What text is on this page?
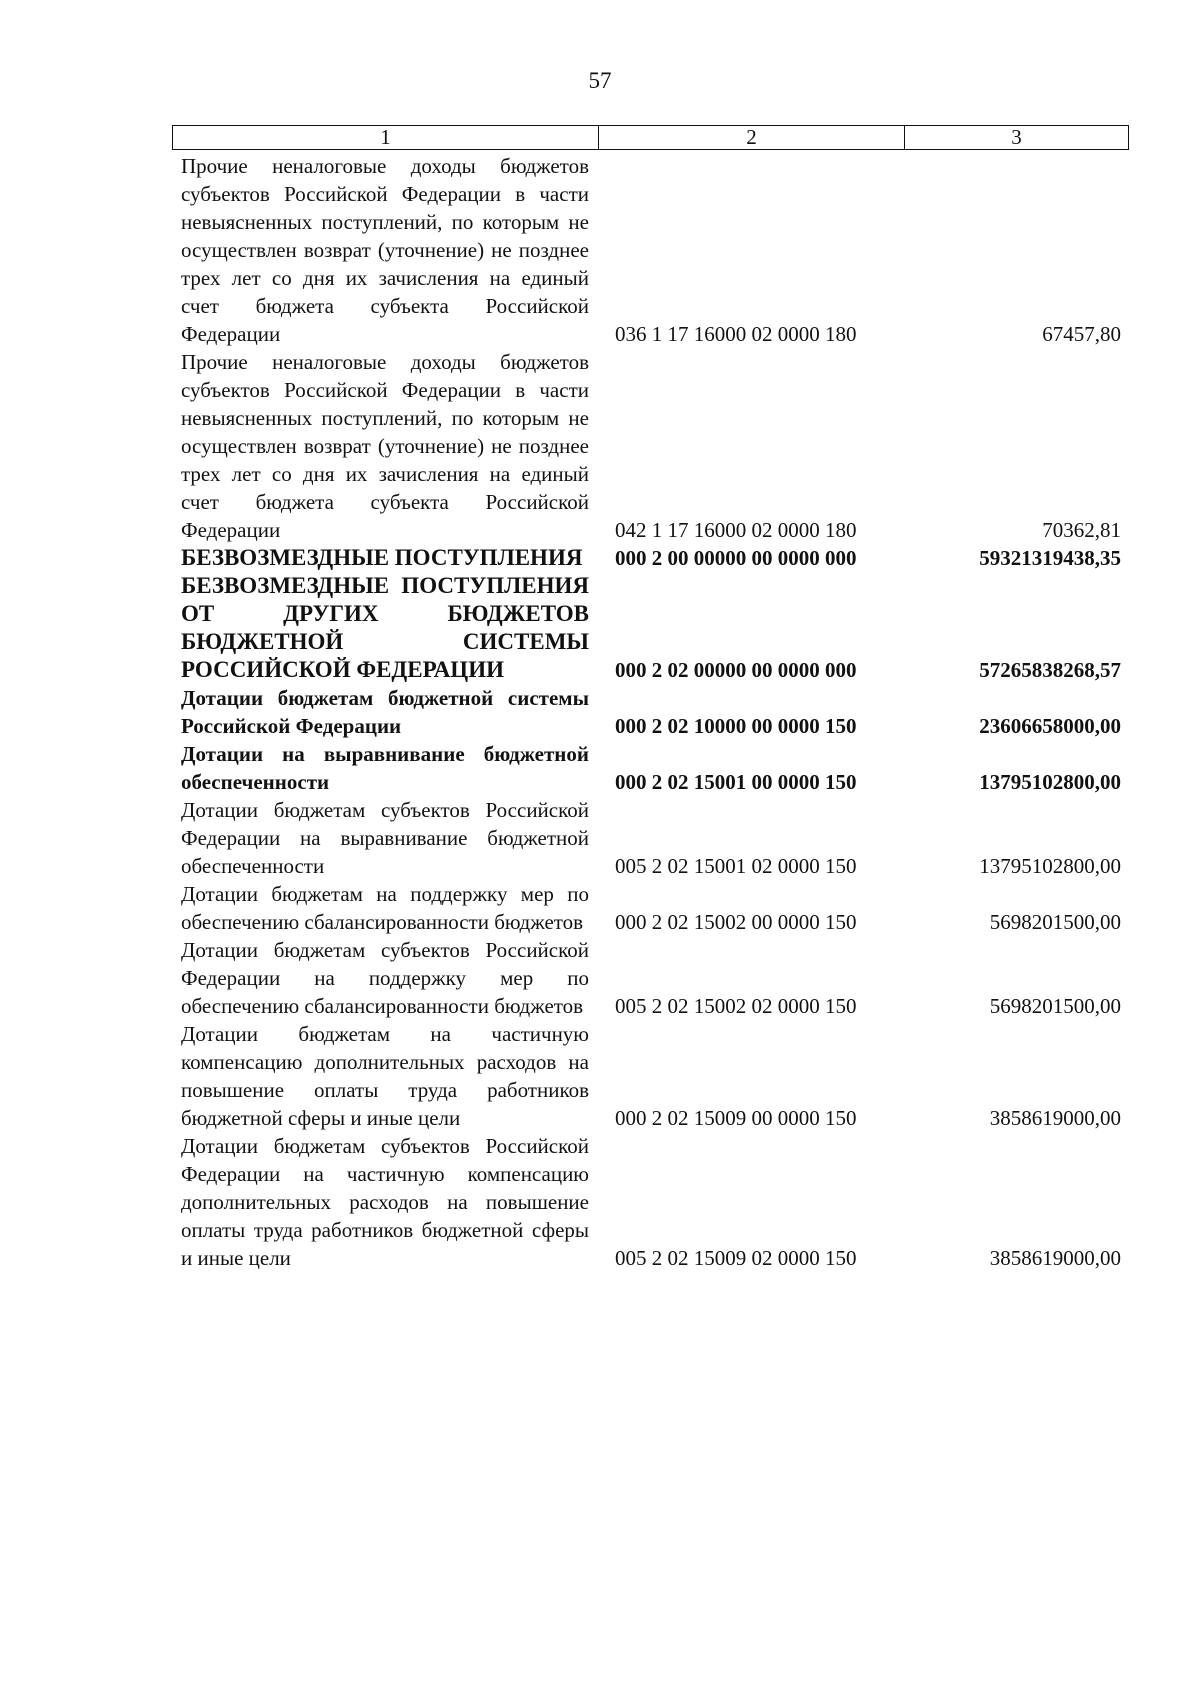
57
1	2	3
Прочие неналоговые доходы бюджетов субъектов Российской Федерации в части невыясненных поступлений, по которым не осуществлен возврат (уточнение) не позднее трех лет со дня их зачисления на единый счет бюджета субъекта Российской Федерации	036 1 17 16000 02 0000 180	67457,80
Прочие неналоговые доходы бюджетов субъектов Российской Федерации в части невыясненных поступлений, по которым не осуществлен возврат (уточнение) не позднее трех лет со дня их зачисления на единый счет бюджета субъекта Российской Федерации	042 1 17 16000 02 0000 180	70362,81
БЕЗВОЗМЕЗДНЫЕ ПОСТУПЛЕНИЯ	000 2 00 00000 00 0000 000	59321319438,35
БЕЗВОЗМЕЗДНЫЕ ПОСТУПЛЕНИЯ ОТ ДРУГИХ БЮДЖЕТОВ БЮДЖЕТНОЙ СИСТЕМЫ РОССИЙСКОЙ ФЕДЕРАЦИИ	000 2 02 00000 00 0000 000	57265838268,57
Дотации бюджетам бюджетной системы Российской Федерации	000 2 02 10000 00 0000 150	23606658000,00
Дотации на выравнивание бюджетной обеспеченности	000 2 02 15001 00 0000 150	13795102800,00
Дотации бюджетам субъектов Российской Федерации на выравнивание бюджетной обеспеченности	005 2 02 15001 02 0000 150	13795102800,00
Дотации бюджетам на поддержку мер по обеспечению сбалансированности бюджетов	000 2 02 15002 00 0000 150	5698201500,00
Дотации бюджетам субъектов Российской Федерации на поддержку мер по обеспечению сбалансированности бюджетов	005 2 02 15002 02 0000 150	5698201500,00
Дотации бюджетам на частичную компенсацию дополнительных расходов на повышение оплаты труда работников бюджетной сферы и иные цели	000 2 02 15009 00 0000 150	3858619000,00
Дотации бюджетам субъектов Российской Федерации на частичную компенсацию дополнительных расходов на повышение оплаты труда работников бюджетной сферы и иные цели	005 2 02 15009 02 0000 150	3858619000,00
